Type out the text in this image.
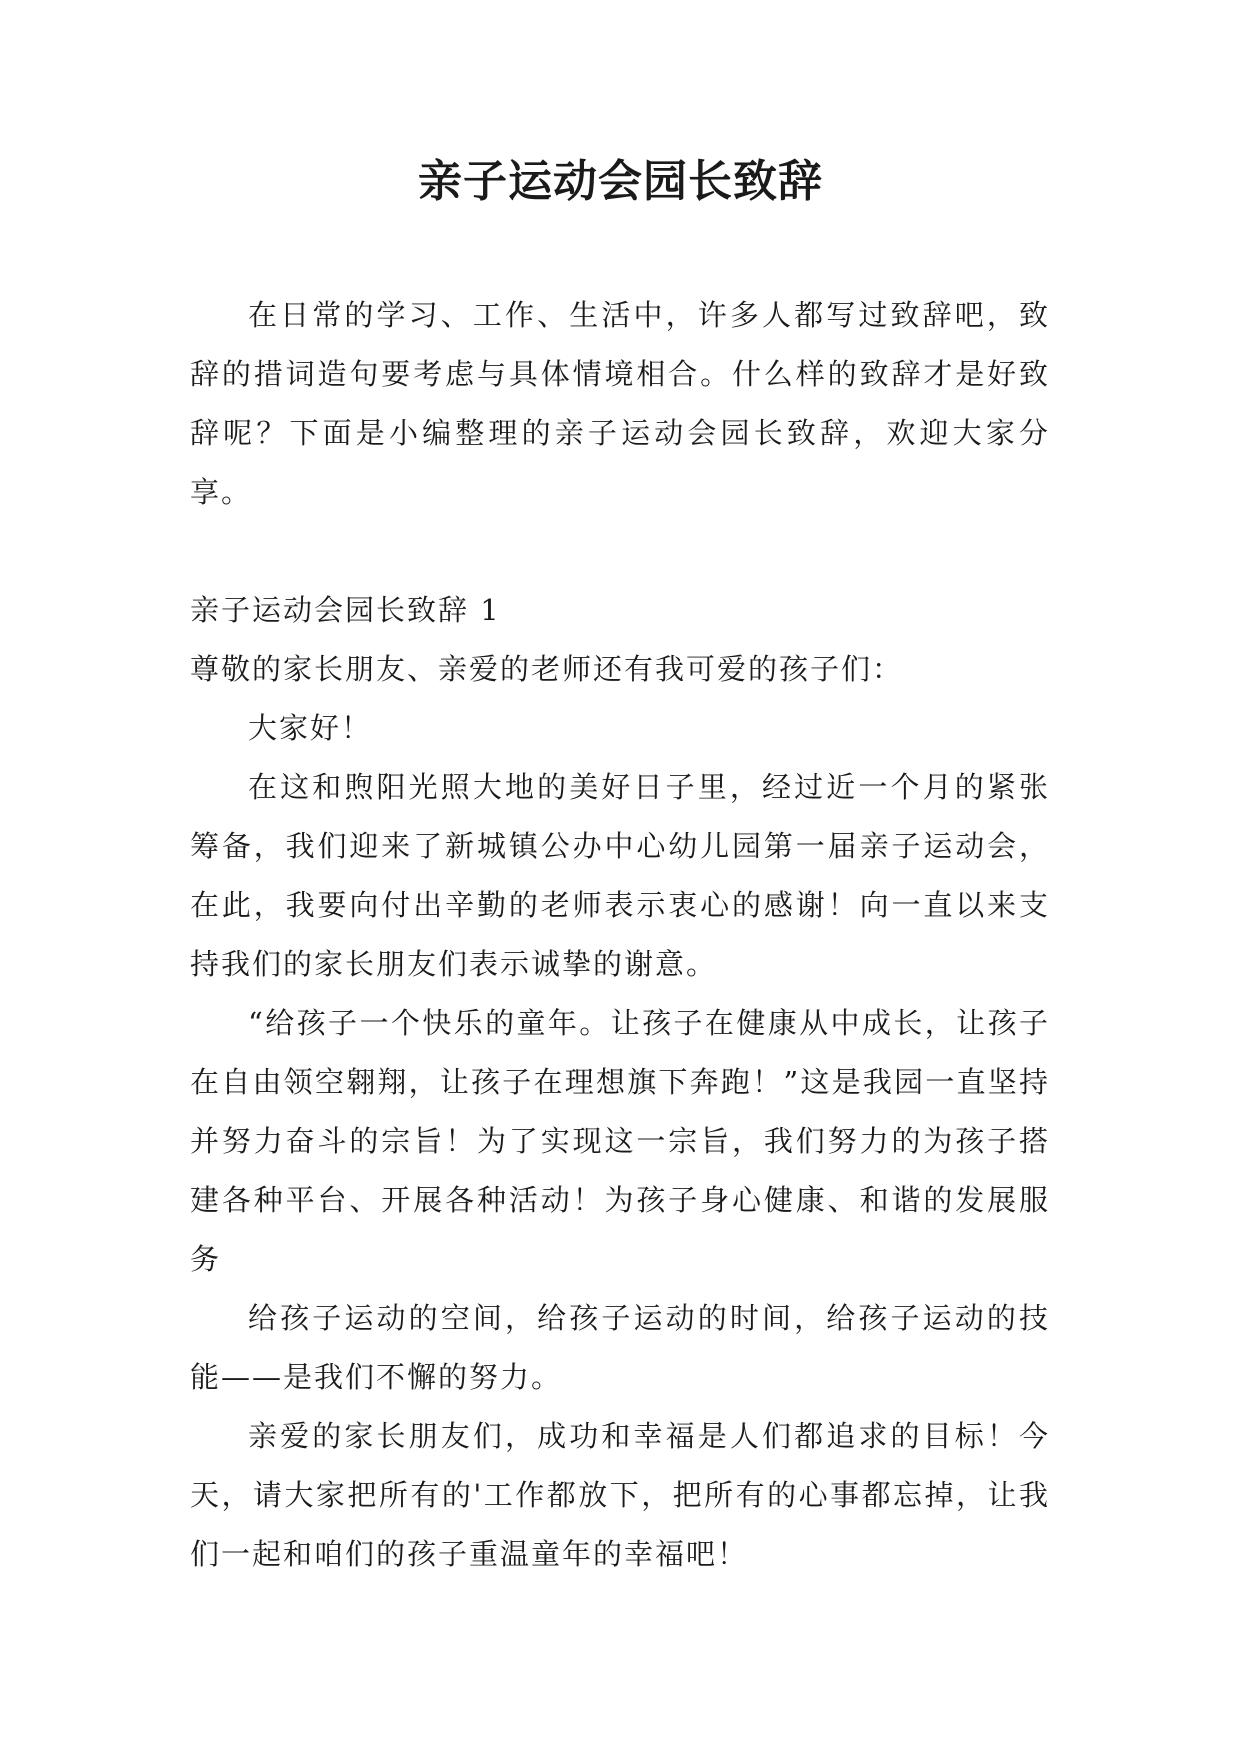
亲子运动会园长致辞

在日常的学习、工作、生活中，许多人都写过致辞吧，致辞的措词造句要考虑与具体情境相合。什么样的致辞才是好致辞呢？下面是小编整理的亲子运动会园长致辞，欢迎大家分享。

亲子运动会园长致辞 1

尊敬的家长朋友、亲爱的老师还有我可爱的孩子们：

大家好！

在这和煦阳光照大地的美好日子里，经过近一个月的紧张筹备，我们迎来了新城镇公办中心幼儿园第一届亲子运动会，在此，我要向付出辛勤的老师表示衷心的感谢！向一直以来支持我们的家长朋友们表示诚挚的谢意。

“给孩子一个快乐的童年。让孩子在健康从中成长，让孩子在自由领空翱翔，让孩子在理想旗下奔跑！”这是我园一直坚持并努力奋斗的宗旨！为了实现这一宗旨，我们努力的为孩子搭建各种平台、开展各种活动！为孩子身心健康、和谐的发展服务

给孩子运动的空间，给孩子运动的时间，给孩子运动的技能——是我们不懈的努力。

亲爱的家长朋友们，成功和幸福是人们都追求的目标！今天，请大家把所有的'工作都放下，把所有的心事都忘掉，让我们一起和咱们的孩子重温童年的幸福吧！
